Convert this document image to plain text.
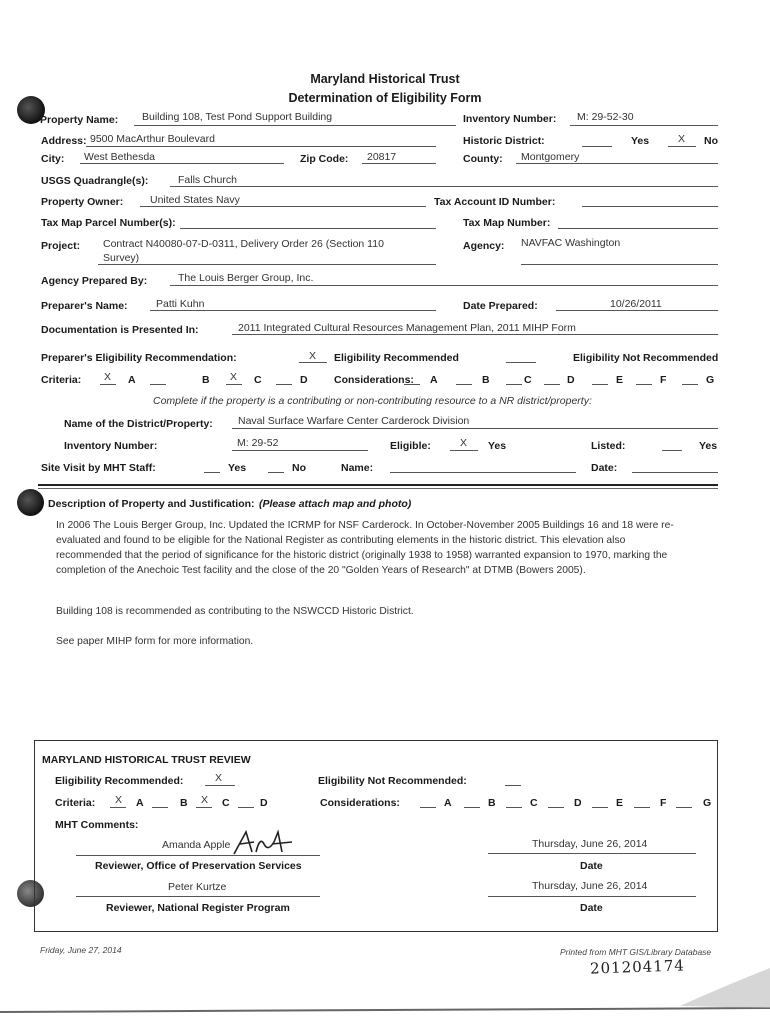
Maryland Historical Trust
Determination of Eligibility Form
Property Name: Building 108, Test Pond Support Building	Inventory Number: M: 29-52-30
Address: 9500 MacArthur Boulevard	Historic District:	Yes	X No
City: West Bethesda	Zip Code: 20817	County: Montgomery
USGS Quadrangle(s):	Falls Church
Property Owner:	United States Navy	Tax Account ID Number:
Tax Map Parcel Number(s):	Tax Map Number:
Project: Contract N40080-07-D-0311, Delivery Order 26 (Section 110
Survey)
Agency: NAVFAC Washington
Agency Prepared By:	The Louis Berger Group, Inc.
Preparer's Name:	Patti Kuhn	Date Prepared:	10/26/2011
Documentation is Presented In:	2011 Integrated Cultural Resources Management Plan, 2011 MIHP Form
Preparer's Eligibility Recommendation:	X Eligibility Recommended	Eligibility Not Recommended
Criteria: X A	B X C	D	Considerations: A	B	C	D	E	F	G
Complete if the property is a contributing or non-contributing resource to a NR district/property:
Name of the District/Property: Naval Surface Warfare Center Carderock Division
Inventory Number:	M: 29-52	Eligible:	X Yes	Listed:	Yes
Site Visit by MHT Staff:	Yes	No	Name:	Date:
Description of Property and Justification: (Please attach map and photo)
In 2006 The Louis Berger Group, Inc. Updated the ICRMP for NSF Carderock. In October-November 2005 Buildings 16 and 18 were re-evaluated and found to be eligible for the National Register as contributing elements in the historic district. This elevation also recommended that the period of significance for the historic district (originally 1938 to 1958) warranted expansion to 1970, marking the completion of the Anechoic Test facility and the close of the 20 "Golden Years of Research" at DTMB (Bowers 2005).
Building 108 is recommended as contributing to the NSWCCD Historic District.
See paper MIHP form for more information.
MARYLAND HISTORICAL TRUST REVIEW
Eligibility Recommended:	X	Eligibility Not Recommended:
Criteria: X A	B X C	D	Considerations:	A	B	C	D	E	F	G
MHT Comments:
Amanda Apple
Reviewer, Office of Preservation Services
Thursday, June 26, 2014
Date
Peter Kurtze
Reviewer, National Register Program
Thursday, June 26, 2014
Date
Friday, June 27, 2014	Printed from MHT GIS/Library Database
201204174
